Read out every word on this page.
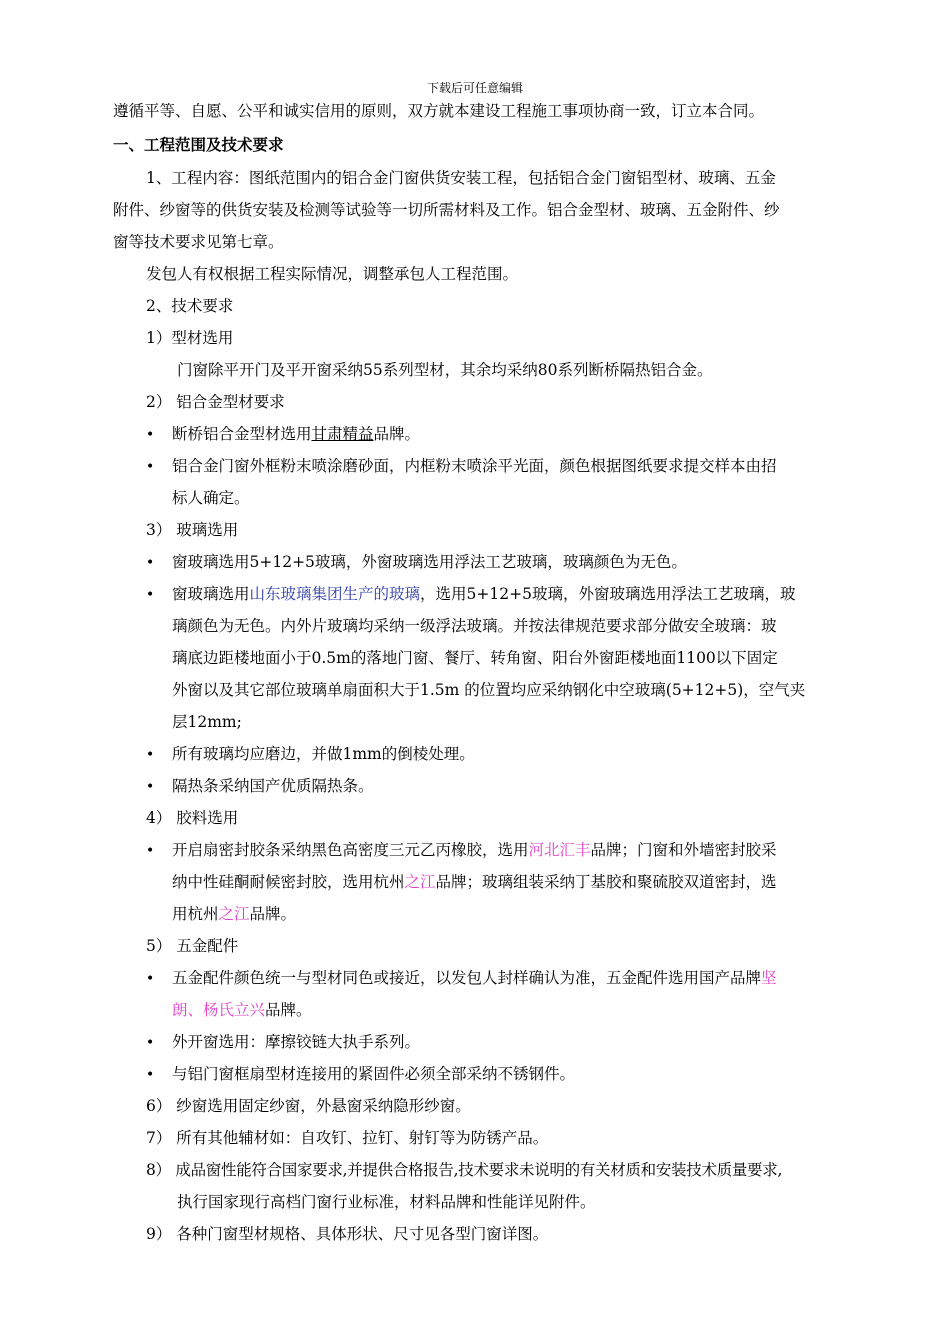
下载后可任意编辑
遵循平等、自愿、公平和诚实信用的原则，双方就本建设工程施工事项协商一致，订立本合同。
一、工程范围及技术要求
1、工程内容：图纸范围内的铝合金门窗供货安装工程，包括铝合金门窗铝型材、玻璃、五金
附件、纱窗等的供货安装及检测等试验等一切所需材料及工作。铝合金型材、玻璃、五金附件、纱
窗等技术要求见第七章。
发包人有权根据工程实际情况，调整承包人工程范围。
2、技术要求
1）型材选用
门窗除平开门及平开窗采纳55系列型材，其余均采纳80系列断桥隔热铝合金。
2） 铝合金型材要求
• 断桥铝合金型材选用甘肃精益品牌。
• 铝合金门窗外框粉末喷涂磨砂面，内框粉末喷涂平光面，颜色根据图纸要求提交样本由招
标人确定。
3） 玻璃选用
• 窗玻璃选用5+12+5玻璃，外窗玻璃选用浮法工艺玻璃，玻璃颜色为无色。
• 窗玻璃选用山东玻璃集团生产的玻璃，选用5+12+5玻璃，外窗玻璃选用浮法工艺玻璃，玻
璃颜色为无色。内外片玻璃均采纳一级浮法玻璃。并按法律规范要求部分做安全玻璃：玻
璃底边距楼地面小于0.5m的落地门窗、餐厅、转角窗、阳台外窗距楼地面1100以下固定
外窗以及其它部位玻璃单扇面积大于1.5m 的位置均应采纳钢化中空玻璃(5+12+5)，空气夹
层12mm;
• 所有玻璃均应磨边，并做1mm的倒棱处理。
• 隔热条采纳国产优质隔热条。
4） 胶料选用
• 开启扇密封胶条采纳黑色高密度三元乙丙橡胶，选用河北汇丰品牌；门窗和外墙密封胶采
纳中性硅酮耐候密封胶，选用杭州之江品牌；玻璃组装采纳丁基胶和聚硫胶双道密封，选
用杭州之江品牌。
5） 五金配件
• 五金配件颜色统一与型材同色或接近，以发包人封样确认为准，五金配件选用国产品牌坚
朗、杨氏立兴品牌。
• 外开窗选用：摩擦铰链大执手系列。
• 与铝门窗框扇型材连接用的紧固件必须全部采纳不锈钢件。
6） 纱窗选用固定纱窗，外悬窗采纳隐形纱窗。
7） 所有其他辅材如：自攻钉、拉钉、射钉等为防锈产品。
8） 成品窗性能符合国家要求,并提供合格报告,技术要求未说明的有关材质和安装技术质量要求,
执行国家现行高档门窗行业标准，材料品牌和性能详见附件。
9） 各种门窗型材规格、具体形状、尺寸见各型门窗详图。
